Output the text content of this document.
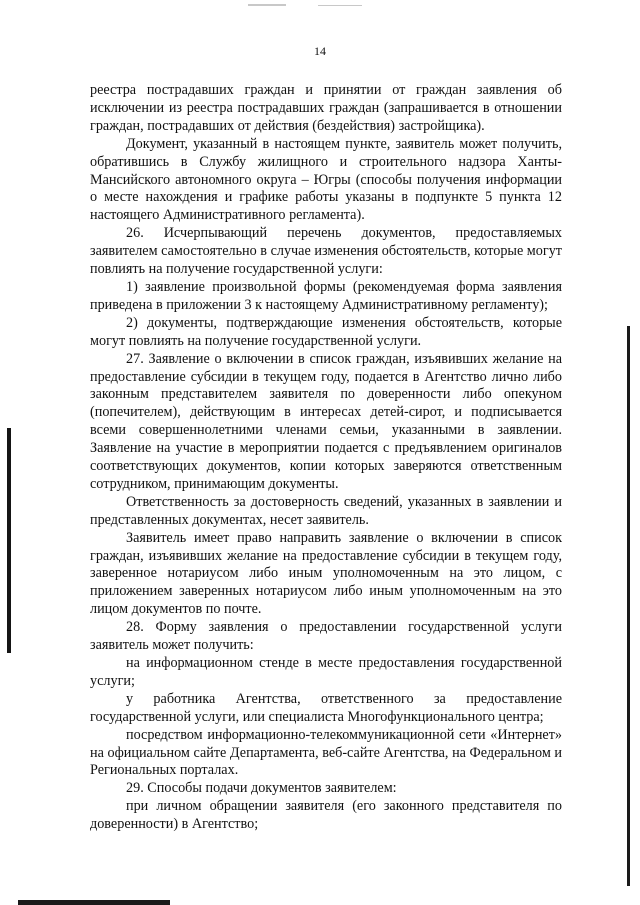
14

реестра пострадавших граждан и принятии от граждан заявления об исключении из реестра пострадавших граждан (запрашивается в отношении граждан, пострадавших от действия (бездействия) застройщика).

Документ, указанный в настоящем пункте, заявитель может получить, обратившись в Службу жилищного и строительного надзора Ханты-Мансийского автономного округа – Югры (способы получения информации о месте нахождения и графике работы указаны в подпункте 5 пункта 12 настоящего Административного регламента).

26. Исчерпывающий перечень документов, предоставляемых заявителем самостоятельно в случае изменения обстоятельств, которые могут повлиять на получение государственной услуги:

1) заявление произвольной формы (рекомендуемая форма заявления приведена в приложении 3 к настоящему Административному регламенту);

2) документы, подтверждающие изменения обстоятельств, которые могут повлиять на получение государственной услуги.

27. Заявление о включении в список граждан, изъявивших желание на предоставление субсидии в текущем году, подается в Агентство лично либо законным представителем заявителя по доверенности либо опекуном (попечителем), действующим в интересах детей-сирот, и подписывается всеми совершеннолетними членами семьи, указанными в заявлении. Заявление на участие в мероприятии подается с предъявлением оригиналов соответствующих документов, копии которых заверяются ответственным сотрудником, принимающим документы.

Ответственность за достоверность сведений, указанных в заявлении и представленных документах, несет заявитель.

Заявитель имеет право направить заявление о включении в список граждан, изъявивших желание на предоставление субсидии в текущем году, заверенное нотариусом либо иным уполномоченным на это лицом, с приложением заверенных нотариусом либо иным уполномоченным на это лицом документов по почте.

28. Форму заявления о предоставлении государственной услуги заявитель может получить:

на информационном стенде в месте предоставления государственной услуги;

у работника Агентства, ответственного за предоставление государственной услуги, или специалиста Многофункционального центра;

посредством информационно-телекоммуникационной сети «Интернет» на официальном сайте Департамента, веб-сайте Агентства, на Федеральном и Региональных порталах.

29. Способы подачи документов заявителем:

при личном обращении заявителя (его законного представителя по доверенности) в Агентство;
